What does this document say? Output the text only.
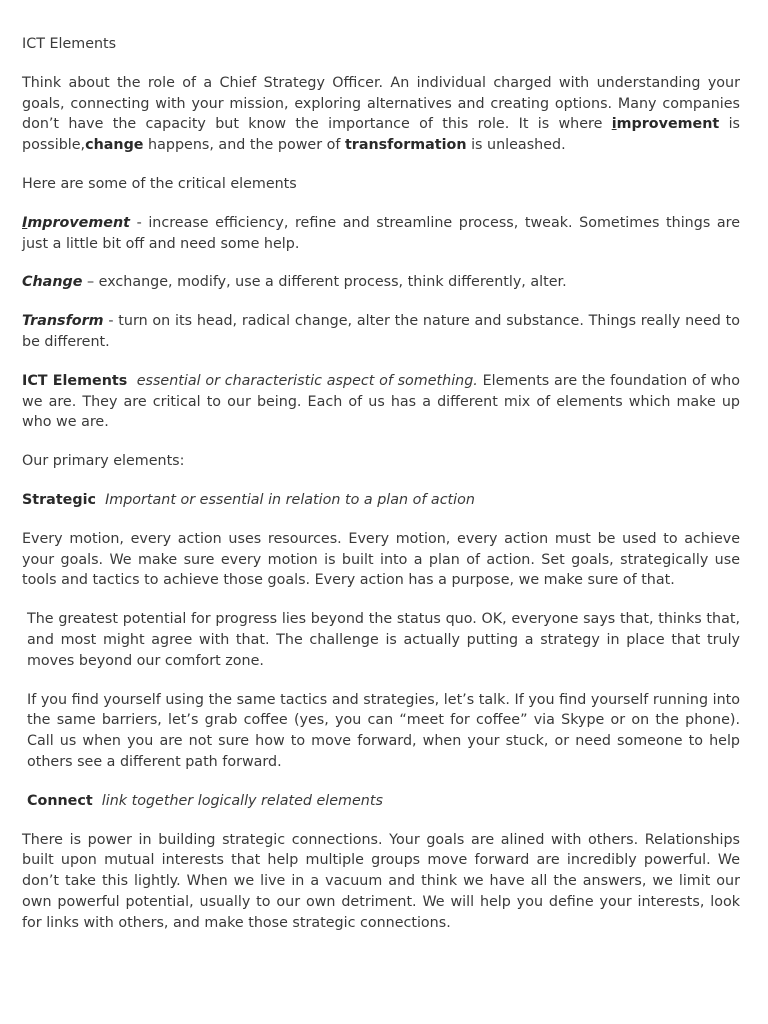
ICT Elements

Think about the role of a Chief Strategy Officer. An individual charged with understanding your goals, connecting with your mission, exploring alternatives and creating options. Many companies don’t have the capacity but know the importance of this role. It is where improvement is possible,change happens, and the power of transformation is unleashed.

Here are some of the critical elements

Improvement - increase efficiency, refine and streamline process, tweak. Sometimes things are just a little bit off and need some help.

Change – exchange, modify, use a different process, think differently, alter.

Transform - turn on its head, radical change, alter the nature and substance. Things really need to be different.

ICT Elements essential or characteristic aspect of something. Elements are the foundation of who we are. They are critical to our being. Each of us has a different mix of elements which make up who we are.

Our primary elements:

Strategic Important or essential in relation to a plan of action

Every motion, every action uses resources. Every motion, every action must be used to achieve your goals. We make sure every motion is built into a plan of action. Set goals, strategically use tools and tactics to achieve those goals. Every action has a purpose, we make sure of that.

The greatest potential for progress lies beyond the status quo. OK, everyone says that, thinks that, and most might agree with that. The challenge is actually putting a strategy in place that truly moves beyond our comfort zone.

If you find yourself using the same tactics and strategies, let’s talk. If you find yourself running into the same barriers, let’s grab coffee (yes, you can “meet for coffee” via Skype or on the phone). Call us when you are not sure how to move forward, when your stuck, or need someone to help others see a different path forward.

Connect link together logically related elements

There is power in building strategic connections. Your goals are alined with others. Relationships built upon mutual interests that help multiple groups move forward are incredibly powerful. We don’t take this lightly. When we live in a vacuum and think we have all the answers, we limit our own powerful potential, usually to our own detriment. We will help you define your interests, look for links with others, and make those strategic connections.
